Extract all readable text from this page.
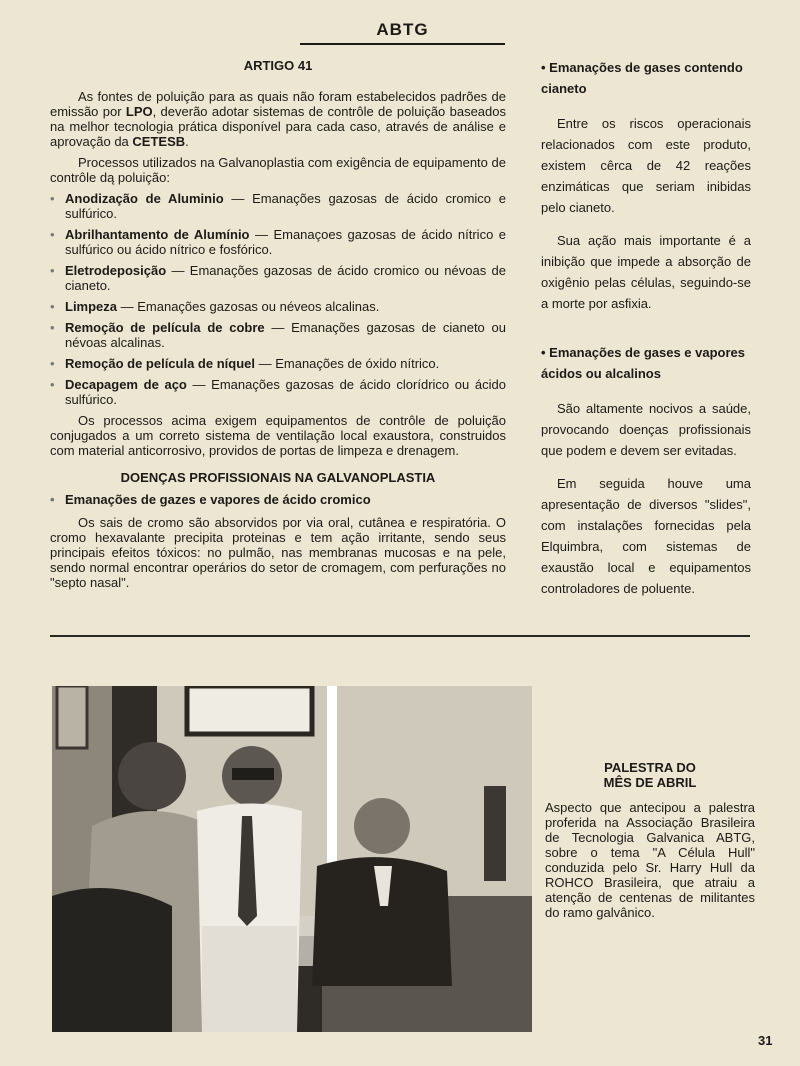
ABTG
ARTIGO 41

As fontes de poluição para as quais não foram estabelecidos padrões de emissão por LPO, deverão adotar sistemas de contrôle de poluição baseados na melhor tecnologia prática disponível para cada caso, através de análise e aprovação da CETESB.

Processos utilizados na Galvanoplastia com exigência de equipamento de contrôle dą poluição:

• Anodização de Aluminio — Emanações gazosas de ácido cromico e sulfúrico.
• Abrilhantamento de Alumínio — Emanaçoes gazosas de ácido nítrico e sulfúrico ou ácido nítrico e fosfórico.
• Eletrodeposição — Emanações gazosas de ácido cromico ou névoas de cianeto.
• Limpeza — Emanações gazosas ou néveos alcalinas.
• Remoção de película de cobre — Emanações gazosas de cianeto ou névoas alcalinas.
• Remoção de película de níquel — Emanações de óxido nítrico.
• Decapagem de aço — Emanações gazosas de ácido clorídrico ou ácido sulfúrico.

Os processos acima exigem equipamentos de contrôle de poluição conjugados a um correto sistema de ventilação local exaustora, construidos com material anticorrosivo, providos de portas de limpeza e drenagem.

DOENÇAS PROFISSIONAIS NA GALVANOPLASTIA
• Emanações de gazes e vapores de ácido cromico

Os sais de cromo são absorvidos por via oral, cutânea e respiratória. O cromo hexavalante precipita proteinas e tem ação irritante, sendo seus principais efeitos tóxicos: no pulmão, nas membranas mucosas e na pele, sendo normal encontrar operários do setor de cromagem, com perfurações no "septo nasal".

• Emanações de gases contendo cianeto

Entre os riscos operacionais relacionados com este produto, existem cêrca de 42 reações enzimáticas que seriam inibidas pelo cianeto.

Sua ação mais importante é a inibição que impede a absorção de oxigênio pelas células, seguindo-se a morte por asfixia.

• Emanações de gases e vapores ácidos ou alcalinos

São altamente nocivos a saúde, provocando doenças profissionais que podem e devem ser evitadas.

Em seguida houve uma apresentação de diversos "slides", com instalações fornecidas pela Elquimbra, com sistemas de exaustão local e equipamentos controladores de poluente.

PALESTRA DO
MÊS DE ABRIL

Aspecto que antecipou a palestra proferida na Associação Brasileira de Tecnologia Galvanica ABTG, sobre o tema "A Célula Hull" conduzida pelo Sr. Harry Hull da ROHCO Brasileira, que atraiu a atenção de centenas de militantes do ramo galvânico.

31
